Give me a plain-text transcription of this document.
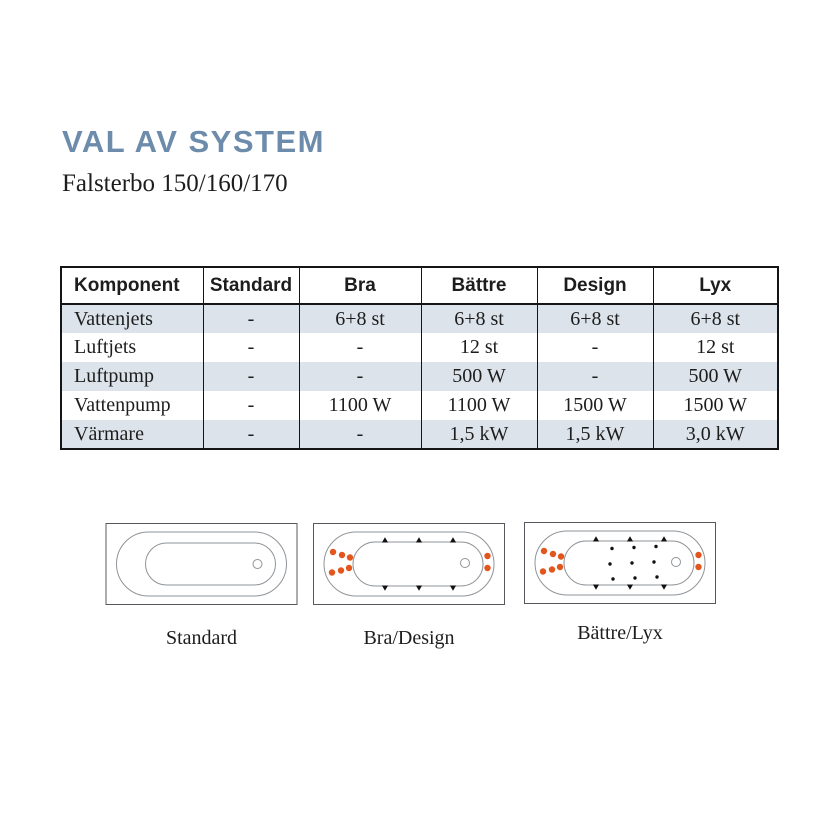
VAL AV SYSTEM
Falsterbo 150/160/170
Komponent	Standard	Bra	Bättre	Design	Lyx
Vattenjets	-	6+8 st	6+8 st	6+8 st	6+8 st
Luftjets	-	-	12 st	-	12 st
Luftpump	-	-	500 W	-	500 W
Vattenpump	-	1100 W	1100 W	1500 W	1500 W
Värmare	-	-	1,5 kW	1,5 kW	3,0 kW
Standard	Bra/Design	Bättre/Lyx
